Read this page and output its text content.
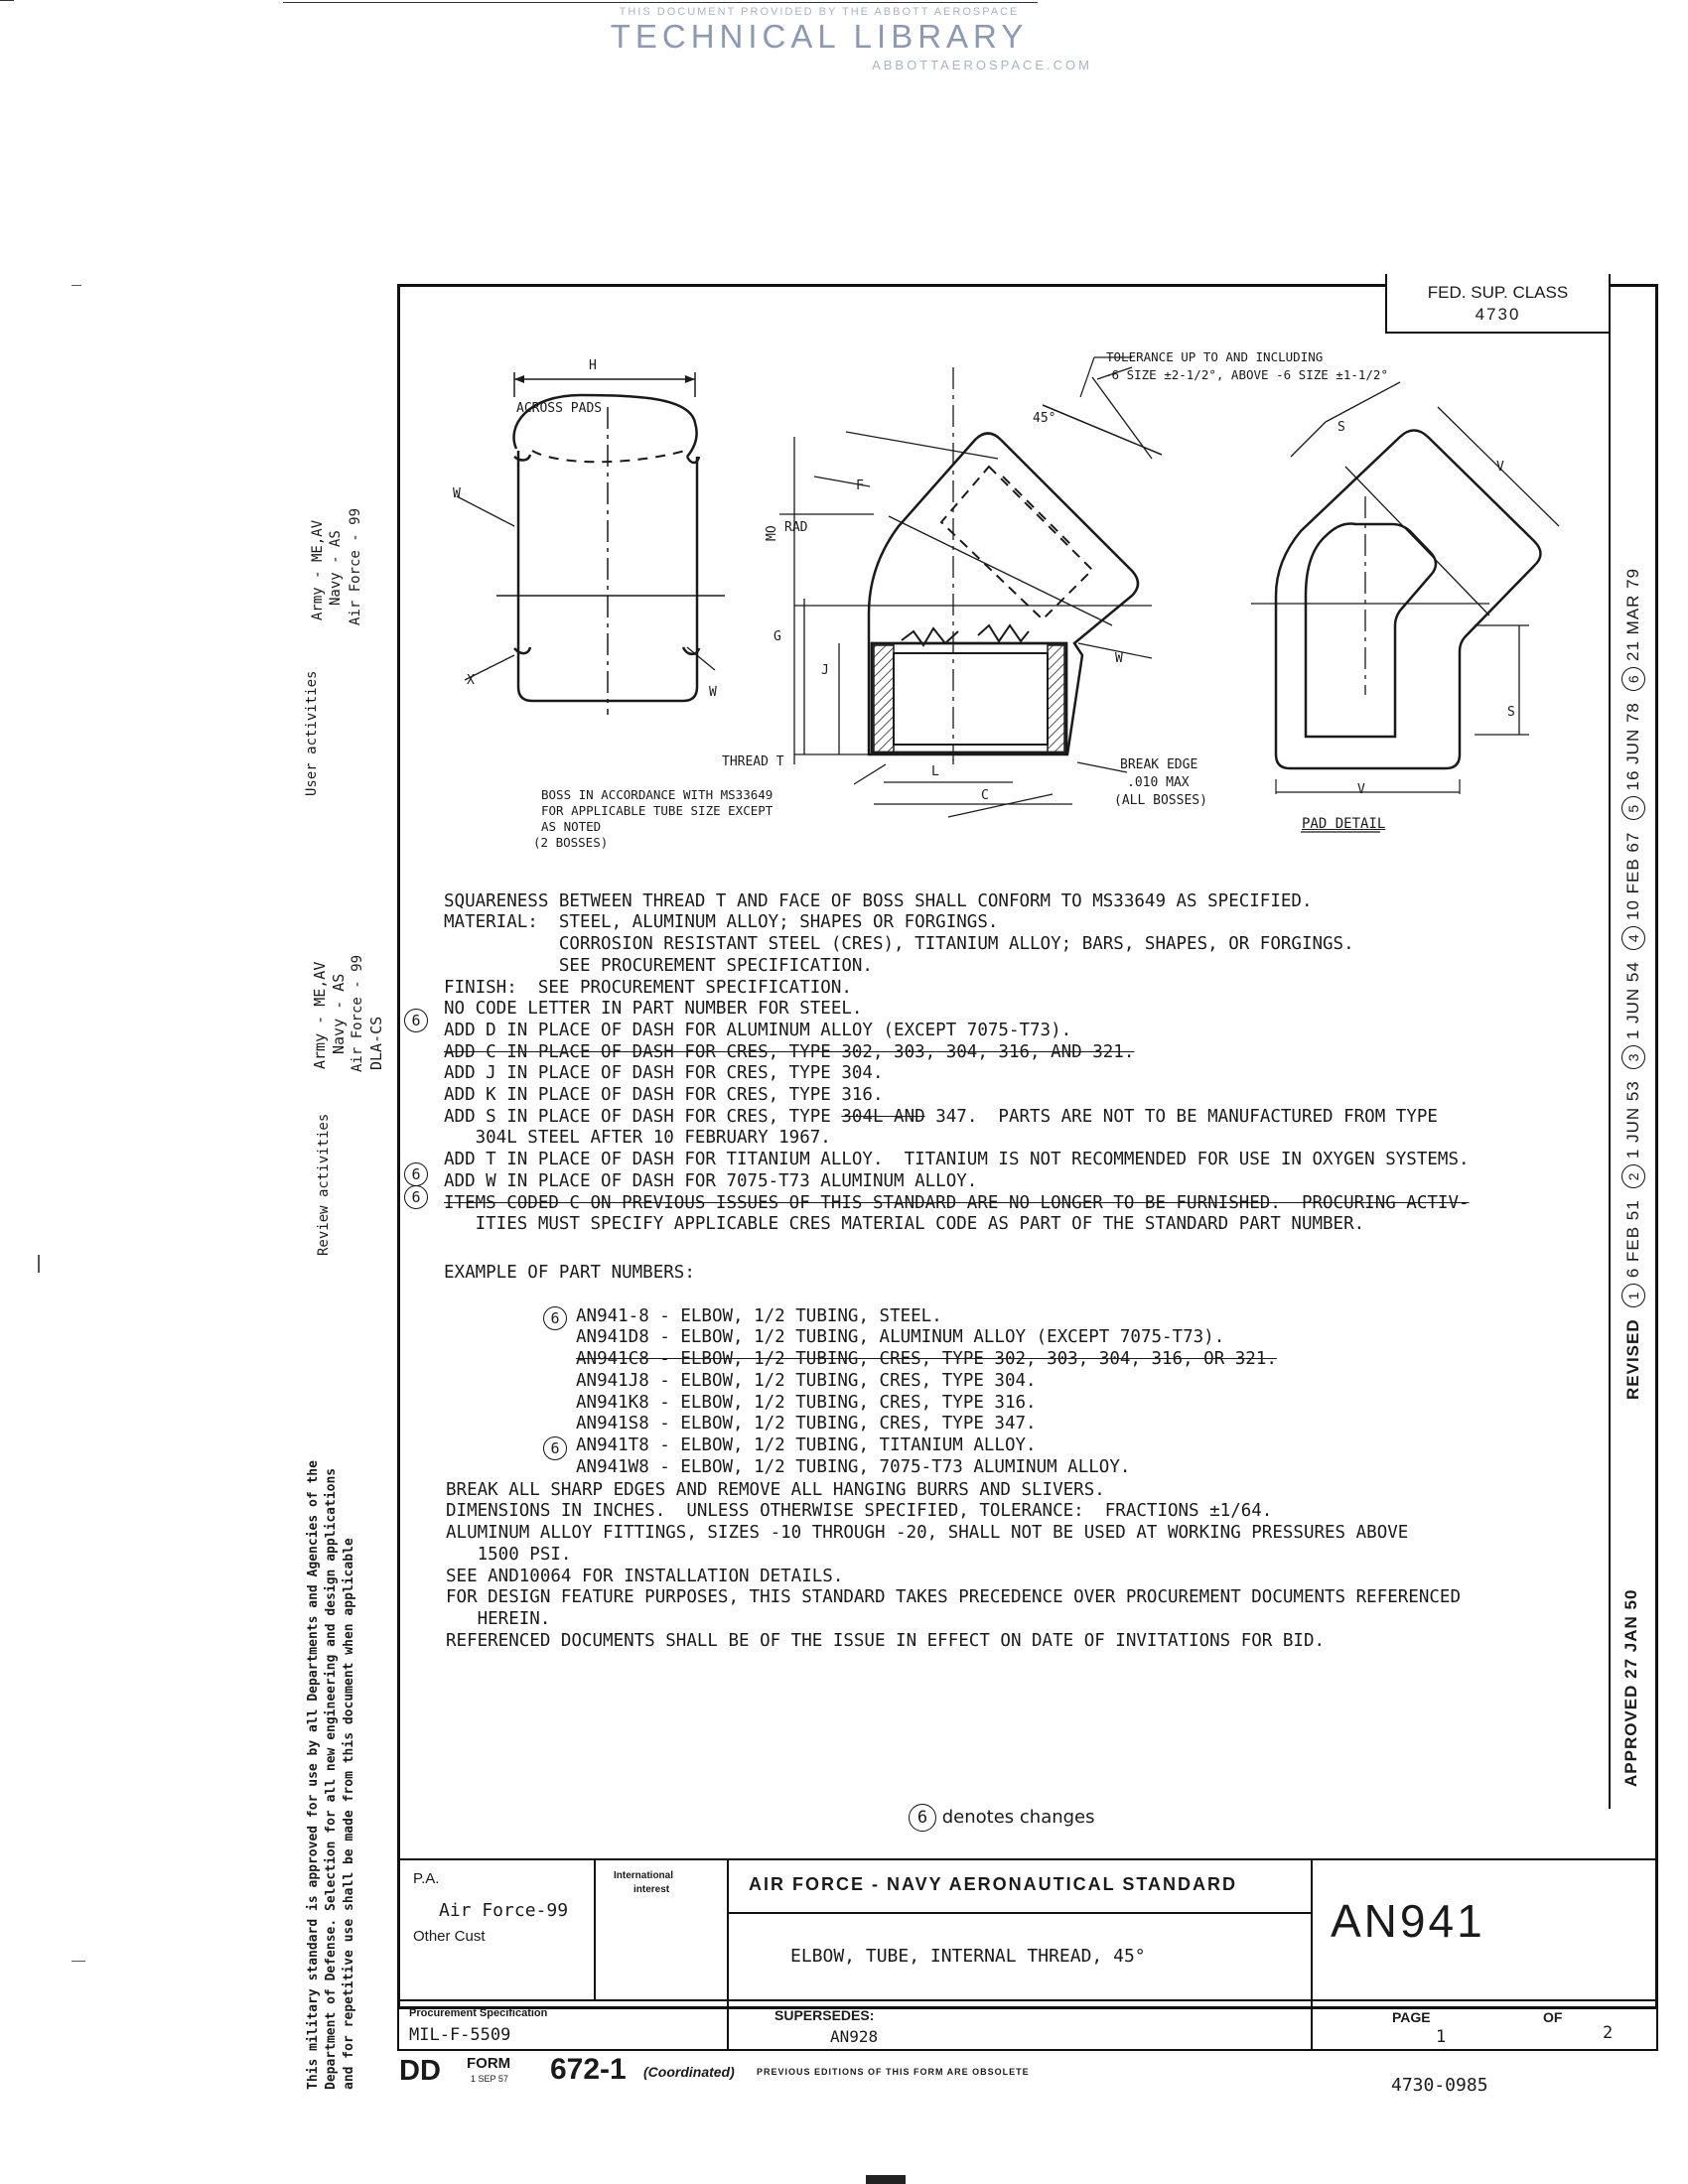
THIS DOCUMENT PROVIDED BY THE ABBOTT AEROSPACE
TECHNICAL LIBRARY
ABBOTTAEROSPACE.COM
FED. SUP. CLASS
4730
TOLERANCE UP TO AND INCLUDING
-6 SIZE ±2-1/2°, ABOVE -6 SIZE ±1-1/2°
H
ACROSS PADS
W
X
W
45°
F
RAD
MO
G
J
W
THREAD T
L
C
S
V
S
V
BOSS IN ACCORDANCE WITH MS33649
FOR APPLICABLE TUBE SIZE EXCEPT
AS NOTED
(2 BOSSES)
BREAK EDGE
.010 MAX
(ALL BOSSES)
PAD DETAIL

SQUARENESS BETWEEN THREAD T AND FACE OF BOSS SHALL CONFORM TO MS33649 AS SPECIFIED.
MATERIAL:  STEEL, ALUMINUM ALLOY; SHAPES OR FORGINGS.
CORROSION RESISTANT STEEL (CRES), TITANIUM ALLOY; BARS, SHAPES, OR FORGINGS.
SEE PROCUREMENT SPECIFICATION.
FINISH:  SEE PROCUREMENT SPECIFICATION.
NO CODE LETTER IN PART NUMBER FOR STEEL.
ADD D IN PLACE OF DASH FOR ALUMINUM ALLOY (EXCEPT 7075-T73).
ADD C IN PLACE OF DASH FOR CRES, TYPE 302, 303, 304, 316, AND 321.
ADD J IN PLACE OF DASH FOR CRES, TYPE 304.
ADD K IN PLACE OF DASH FOR CRES, TYPE 316.
ADD S IN PLACE OF DASH FOR CRES, TYPE 304L AND 347.  PARTS ARE NOT TO BE MANUFACTURED FROM TYPE
304L STEEL AFTER 10 FEBRUARY 1967.
ADD T IN PLACE OF DASH FOR TITANIUM ALLOY.  TITANIUM IS NOT RECOMMENDED FOR USE IN OXYGEN SYSTEMS.
ADD W IN PLACE OF DASH FOR 7075-T73 ALUMINUM ALLOY.
ITEMS CODED C ON PREVIOUS ISSUES OF THIS STANDARD ARE NO LONGER TO BE FURNISHED.  PROCURING ACTIV-
ITIES MUST SPECIFY APPLICABLE CRES MATERIAL CODE AS PART OF THE STANDARD PART NUMBER.

6
6
6
EXAMPLE OF PART NUMBERS:

AN941-8 - ELBOW, 1/2 TUBING, STEEL.
AN941D8 - ELBOW, 1/2 TUBING, ALUMINUM ALLOY (EXCEPT 7075-T73).
AN941C8 - ELBOW, 1/2 TUBING, CRES, TYPE 302, 303, 304, 316, OR 321.
AN941J8 - ELBOW, 1/2 TUBING, CRES, TYPE 304.
AN941K8 - ELBOW, 1/2 TUBING, CRES, TYPE 316.
AN941S8 - ELBOW, 1/2 TUBING, CRES, TYPE 347.
AN941T8 - ELBOW, 1/2 TUBING, TITANIUM ALLOY.
AN941W8 - ELBOW, 1/2 TUBING, 7075-T73 ALUMINUM ALLOY.

6
6

BREAK ALL SHARP EDGES AND REMOVE ALL HANGING BURRS AND SLIVERS.
DIMENSIONS IN INCHES.  UNLESS OTHERWISE SPECIFIED, TOLERANCE:  FRACTIONS ±1/64.
ALUMINUM ALLOY FITTINGS, SIZES -10 THROUGH -20, SHALL NOT BE USED AT WORKING PRESSURES ABOVE
1500 PSI.
SEE AND10064 FOR INSTALLATION DETAILS.
FOR DESIGN FEATURE PURPOSES, THIS STANDARD TAKES PRECEDENCE OVER PROCUREMENT DOCUMENTS REFERENCED
HEREIN.
REFERENCED DOCUMENTS SHALL BE OF THE ISSUE IN EFFECT ON DATE OF INVITATIONS FOR BID.

6 denotes changes
APPROVED 27 JAN 50
REVISED  1 6 FEB 51  2 1 JUN 53  3 1 JUN 54  4 10 FEB 67  5 16 JUN 78  6 21 MAR 79
User activities
Army - ME,AV Navy - AS Air Force - 99
Review activities
Army - ME,AV Navy - AS Air Force - 99 DLA-CS
This military standard is approved for use by all Departments and Agencies of the Department of Defense. Selection for all new engineering and design applications and for repetitive use shall be made from this document when applicable	P.A.
Air Force-99
Other Cust
International
interest	AIR FORCE - NAVY AERONAUTICAL STANDARD
ELBOW, TUBE, INTERNAL THREAD, 45°
AN941
Procurement Specification
MIL-F-5509
SUPERSEDES:
AN928
PAGE
1
OF
2
DD FORM
1 SEP 57 672-1 (Coordinated) PREVIOUS EDITIONS OF THIS FORM ARE OBSOLETE
4730-0985
